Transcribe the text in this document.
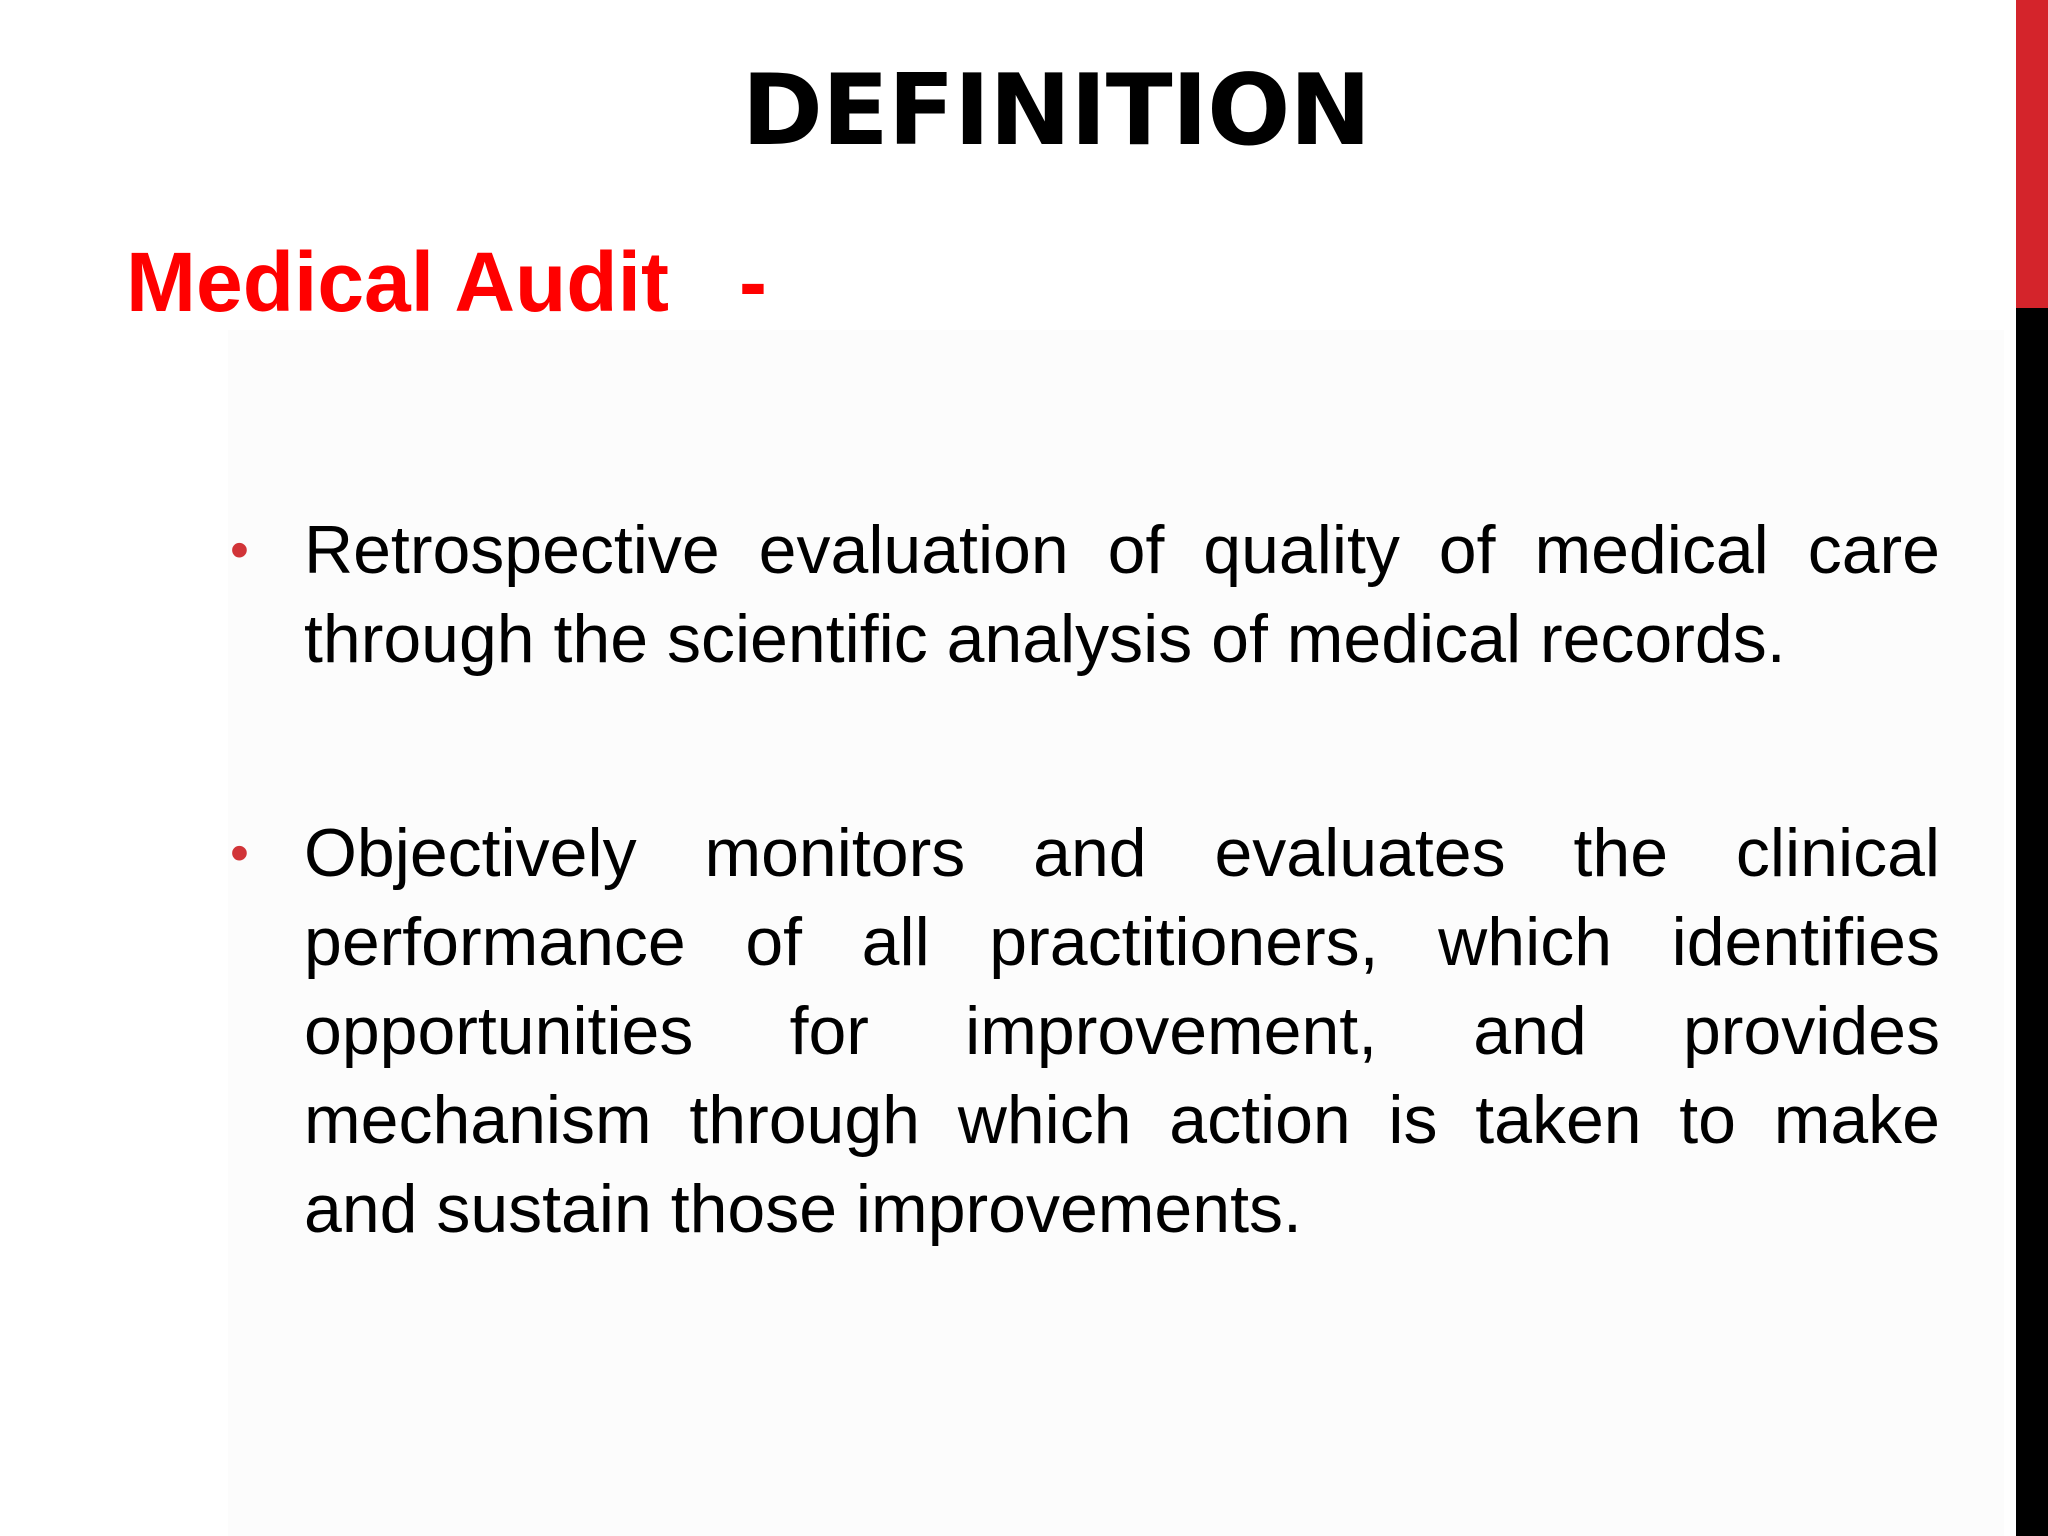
DEFINITION
Medical Audit   -
• Retrospective evaluation of quality of medical care through the scientific analysis of medical records.
• Objectively monitors and evaluates the clinical performance of all practitioners, which identifies opportunities for improvement, and provides mechanism through which action is taken to make and sustain those improvements.
